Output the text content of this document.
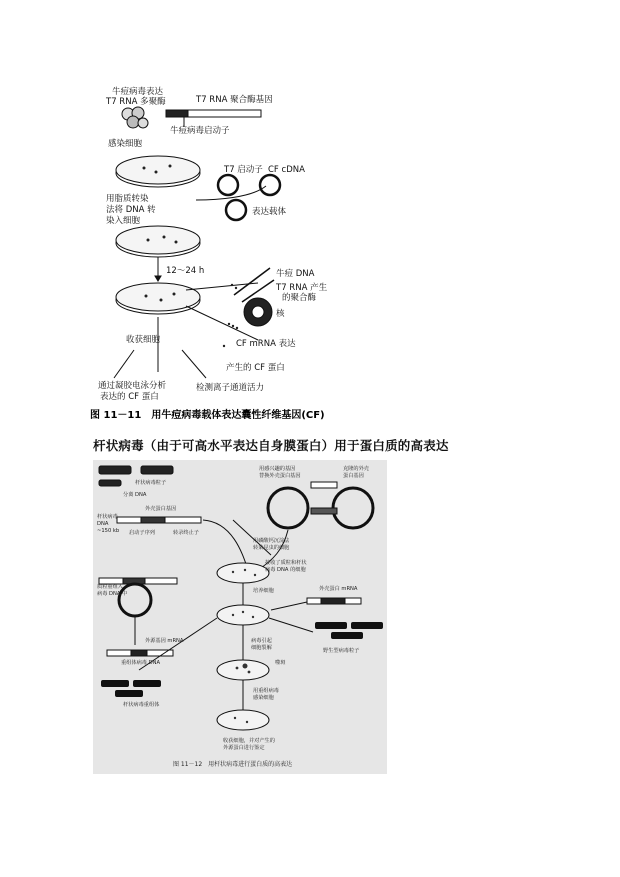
牛痘病毒表达
T7 RNA 多聚酶	T7 RNA 聚合酶基因
牛痘病毒启动子
感染细胞
T7 启动子 CF cDNA
用脂质转染
法将 DNA 转
染入细胞
表达载体
12～24 h	牛痘 DNA
T7 RNA 产生
的聚合酶
核
收获细胞	CF mRNA 表达
产生的 CF 蛋白
通过凝胶电泳分析
表达的 CF 蛋白
检测离子通道活力
图 11－11　用牛痘病毒载体表达囊性纤维基因(CF)
杆状病毒（由于可高水平表达自身膜蛋白）用于蛋白质的高表达
杆状病毒粒子
分离 DNA
外壳蛋白基因
杆状病毒
DNA
~150 kb 启动子序列	转录终止子
用感兴趣的基因
替换外壳蛋白基因
克隆的外壳
蛋白基因
用磷酸钙沉淀法
转染昆虫的细胞
接收了质粒和杆状
病毒 DNA 的细胞
培养细胞
质粒重组入
病毒 DNA 中
外源基因 mRNA
重组体病毒 DNA
杆状病毒重组体
病毒引起
细胞裂解
噬斑
用重组病毒
感染细胞
外壳蛋白 mRNA
野生型病毒粒子
收获细胞，并对产生的
外源蛋白进行鉴定
图 11－12　用杆状病毒进行蛋白质的高表达
